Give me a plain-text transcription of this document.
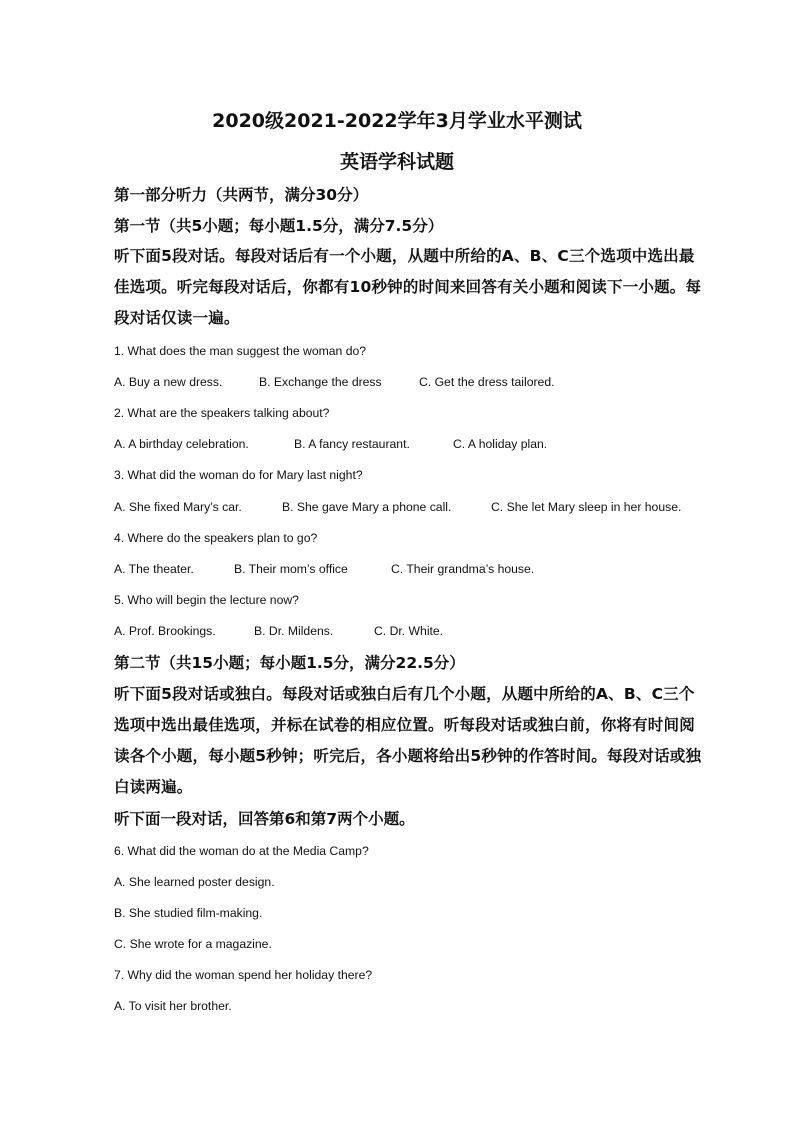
2020级2021-2022学年3月学业水平测试
英语学科试题
第一部分听力（共两节，满分30分）
第一节（共5小题；每小题1.5分，满分7.5分）
听下面5段对话。每段对话后有一个小题，从题中所给的A、B、C三个选项中选出最佳选项。听完每段对话后，你都有10秒钟的时间来回答有关小题和阅读下一小题。每段对话仅读一遍。
1. What does the man suggest the woman do?
A. Buy a new dress.	B. Exchange the dress	C. Get the dress tailored.
2. What are the speakers talking about?
A. A birthday celebration.	B. A fancy restaurant.	C. A holiday plan.
3. What did the woman do for Mary last night?
A. She fixed Mary’s car.	B. She gave Mary a phone call.	C. She let Mary sleep in her house.
4. Where do the speakers plan to go?
A. The theater.	B. Their mom’s office	C. Their grandma’s house.
5. Who will begin the lecture now?
A. Prof. Brookings.	B. Dr. Mildens.	C. Dr. White.
第二节（共15小题；每小题1.5分，满分22.5分）
听下面5段对话或独白。每段对话或独白后有几个小题，从题中所给的A、B、C三个选项中选出最佳选项，并标在试卷的相应位置。听每段对话或独白前，你将有时间阅读各个小题，每小题5秒钟；听完后，各小题将给出5秒钟的作答时间。每段对话或独白读两遍。
听下面一段对话，回答第6和第7两个小题。
6. What did the woman do at the Media Camp?
A. She learned poster design.
B. She studied film-making.
C. She wrote for a magazine.
7. Why did the woman spend her holiday there?
A. To visit her brother.
